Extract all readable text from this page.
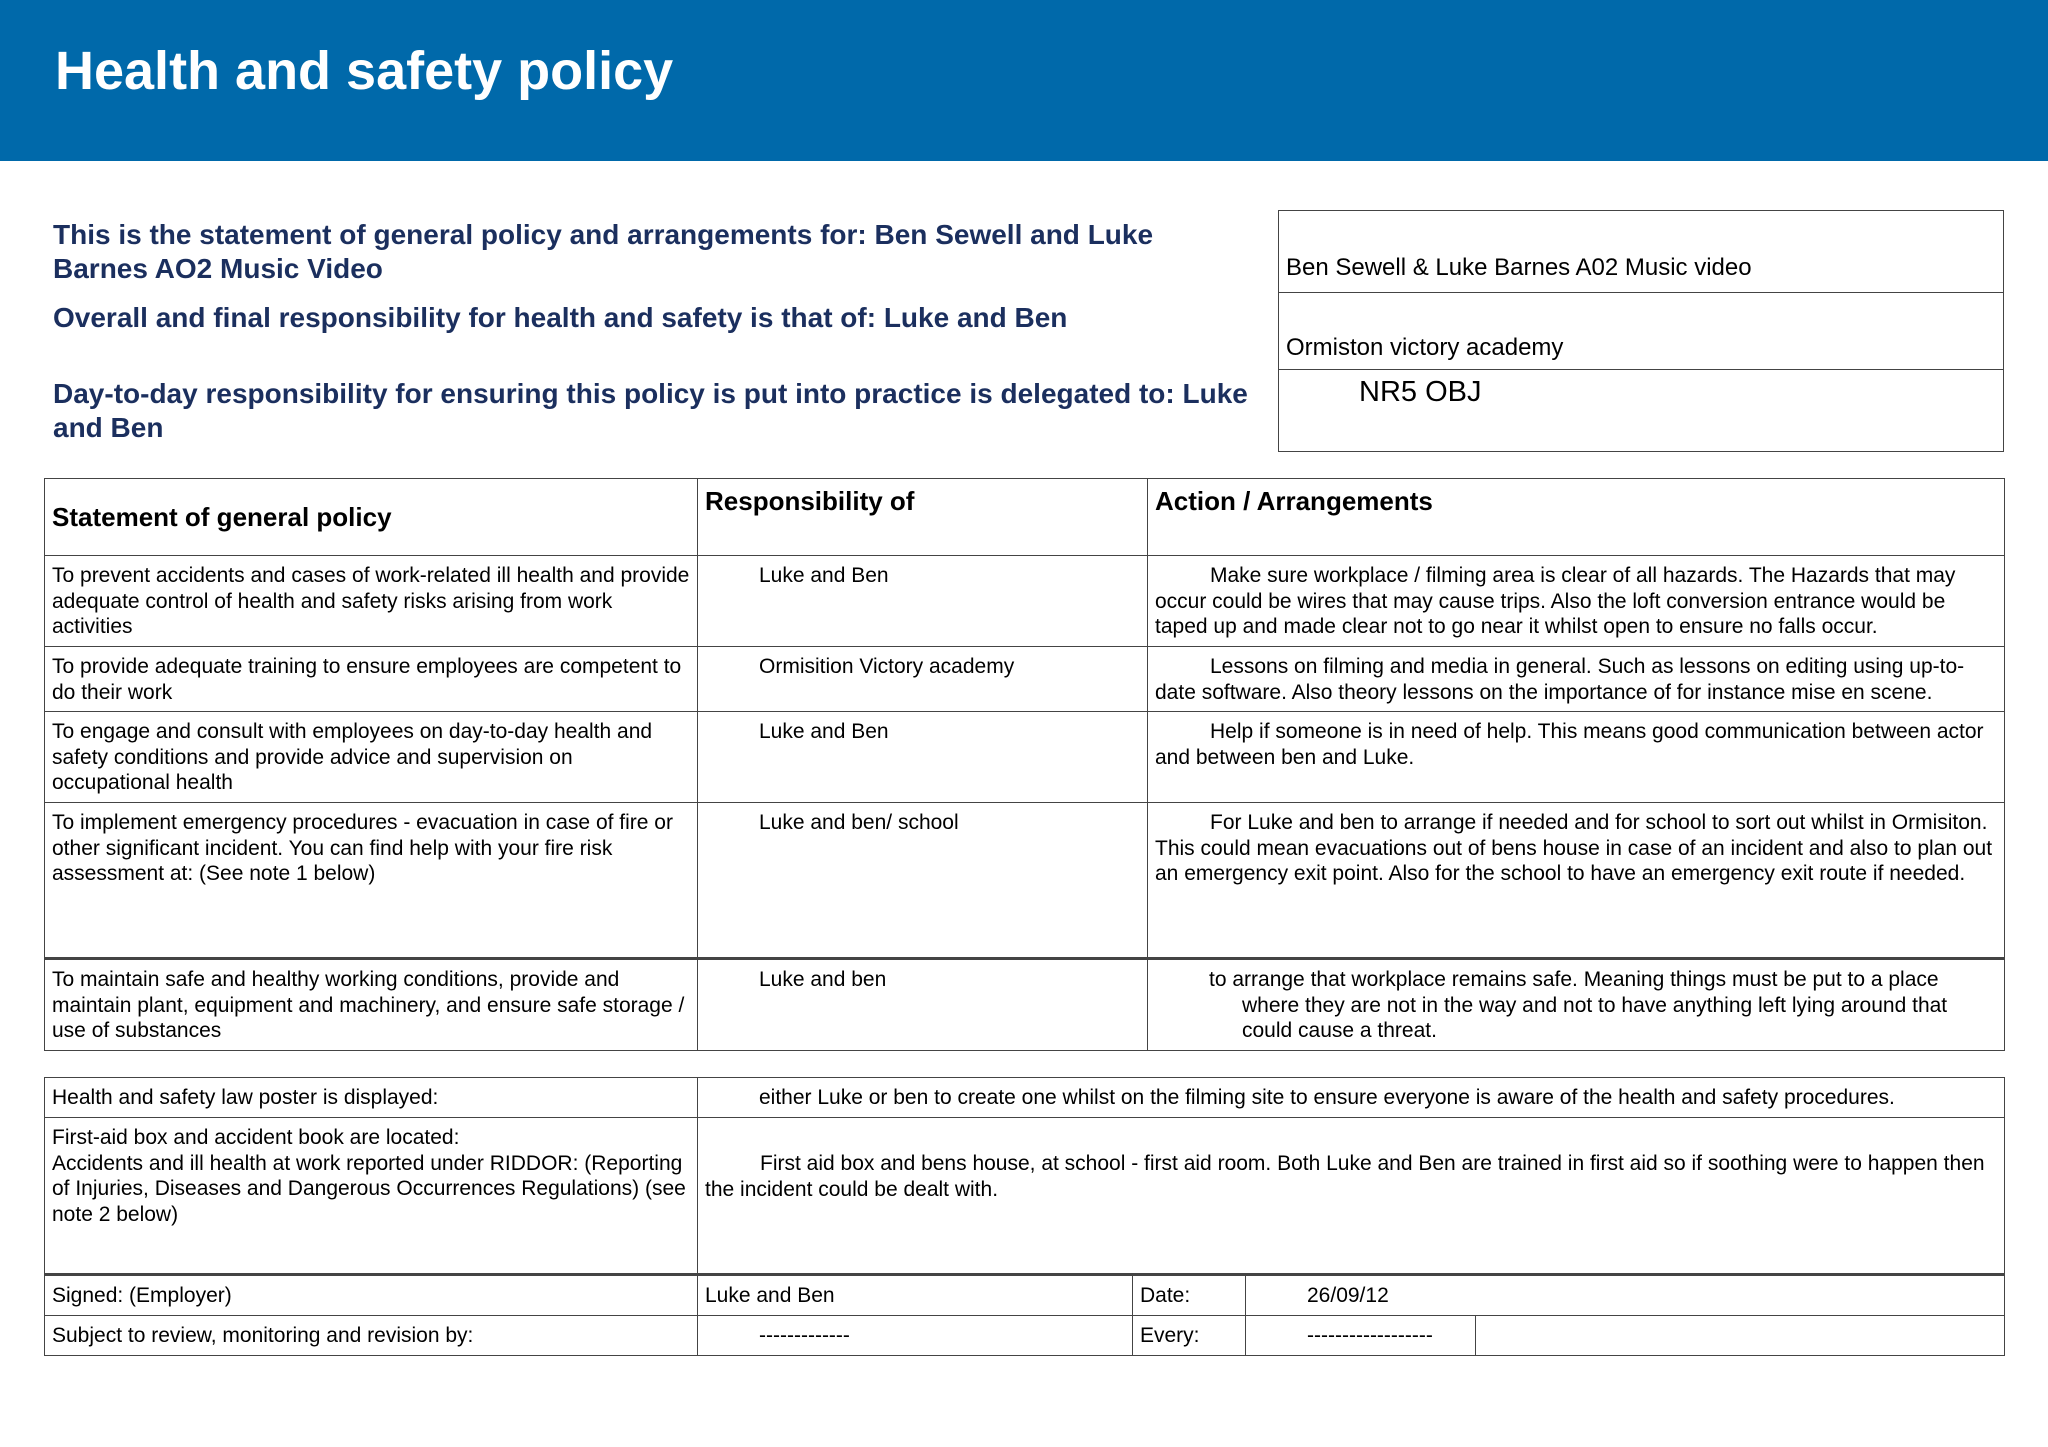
Health and safety policy

This is the statement of general policy and arrangements for: Ben Sewell and Luke Barnes AO2 Music Video

Overall and final responsibility for health and safety is that of: Luke and Ben

Day-to-day responsibility for ensuring this policy is put into practice is delegated to: Luke and Ben

Ben Sewell & Luke Barnes A02 Music video
Ormiston victory academy
NR5 OBJ
Statement of general policy	Responsibility of	Action / Arrangements
To prevent accidents and cases of work-related ill health and provide adequate control of health and safety risks arising from work activities	Luke and Ben	Make sure workplace / filming area is clear of all hazards. The Hazards that may occur could be wires that may cause trips. Also the loft conversion entrance would be taped up and made clear not to go near it whilst open to ensure no falls occur.
To provide adequate training to ensure employees are competent to do their work	Ormisition Victory academy	Lessons on filming and media in general. Such as lessons on editing using up-to-date software. Also theory lessons on the importance of for instance mise en scene.
To engage and consult with employees on day-to-day health and safety conditions and provide advice and supervision on occupational health	Luke and Ben	Help if someone is in need of help. This means good communication between actor and between ben and Luke.
To implement emergency procedures - evacuation in case of fire or other significant incident. You can find help with your fire risk assessment at: (See note 1 below)	Luke and ben/ school	For Luke and ben to arrange if needed and for school to sort out whilst in Ormisiton. This could mean evacuations out of bens house in case of an incident and also to plan out an emergency exit point. Also for the school to have an emergency exit route if needed.
To maintain safe and healthy working conditions, provide and maintain plant, equipment and machinery, and ensure safe storage / use of substances	Luke and ben	to arrange that workplace remains safe. Meaning things must be put to a place where they are not in the way and not to have anything left lying around that could cause a threat.
Health and safety law poster is displayed:	either Luke or ben to create one whilst on the filming site to ensure everyone is aware of the health and safety procedures.

First-aid box and accident book are located:
Accidents and ill health at work reported under RIDDOR: (Reporting of Injuries, Diseases and Dangerous Occurrences Regulations) (see note 2 below)	First aid box and bens house, at school - first aid room. Both Luke and Ben are trained in first aid so if soothing were to happen then the incident could be dealt with.
Signed: (Employer)	Luke and Ben	Date:	26/09/12	
Subject to review, monitoring and revision by:	-------------	Every:	------------------	
